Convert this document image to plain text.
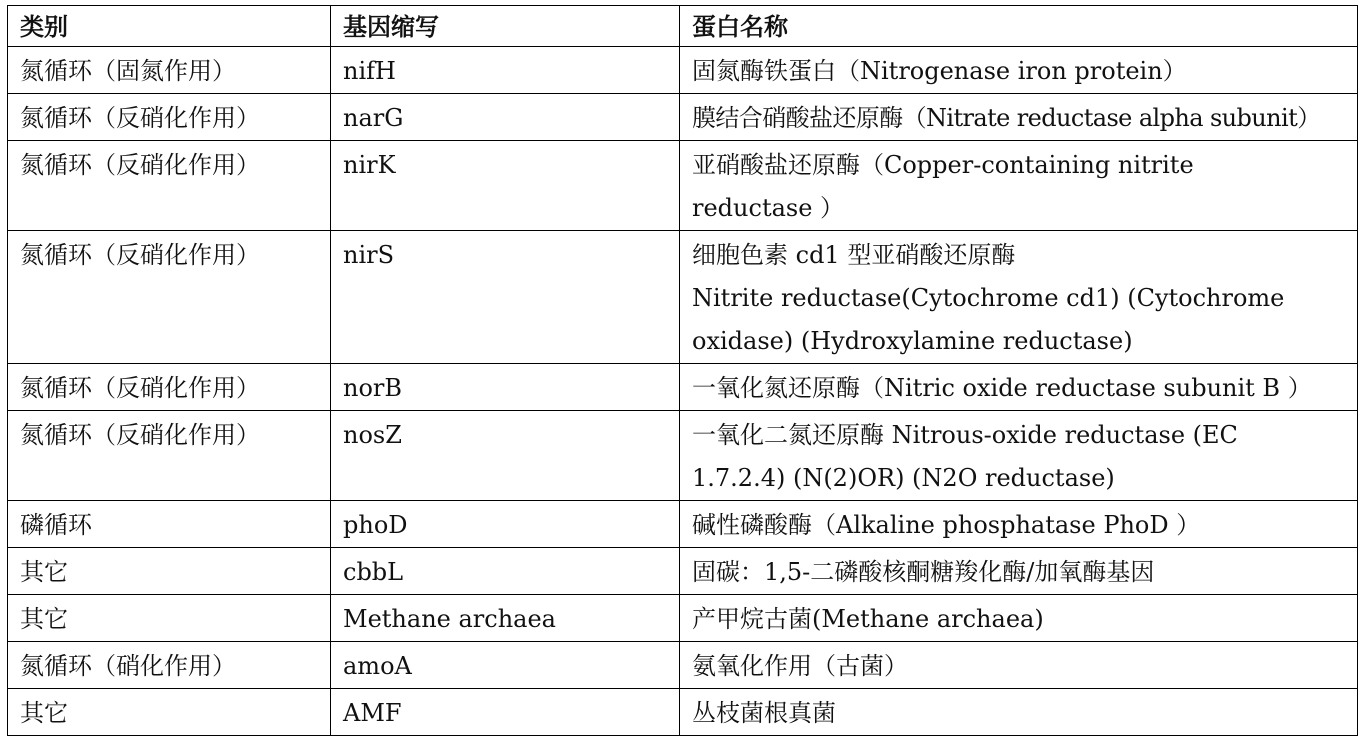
类别	基因缩写	蛋白名称
氮循环（固氮作用）	nifH	固氮酶铁蛋白（Nitrogenase iron protein）

氮循环（反硝化作用）	narG	膜结合硝酸盐还原酶（Nitrate reductase alpha subunit）

氮循环（反硝化作用）	nirK	亚硝酸盐还原酶（Copper-containing nitrite
reductase ）

氮循环（反硝化作用）	nirS	细胞色素 cd1 型亚硝酸还原酶
Nitrite reductase(Cytochrome cd1) (Cytochrome
oxidase) (Hydroxylamine reductase)

氮循环（反硝化作用）	norB	一氧化氮还原酶（Nitric oxide reductase subunit B ）

氮循环（反硝化作用）	nosZ	一氧化二氮还原酶 Nitrous-oxide reductase (EC
1.7.2.4) (N(2)OR) (N2O reductase)

磷循环	phoD	碱性磷酸酶（Alkaline phosphatase PhoD ）

其它	cbbL	固碳：1,5-二磷酸核酮糖羧化酶/加氧酶基因

其它	Methane archaea	产甲烷古菌(Methane archaea)

氮循环（硝化作用）	amoA	氨氧化作用（古菌）

其它	AMF	丛枝菌根真菌
